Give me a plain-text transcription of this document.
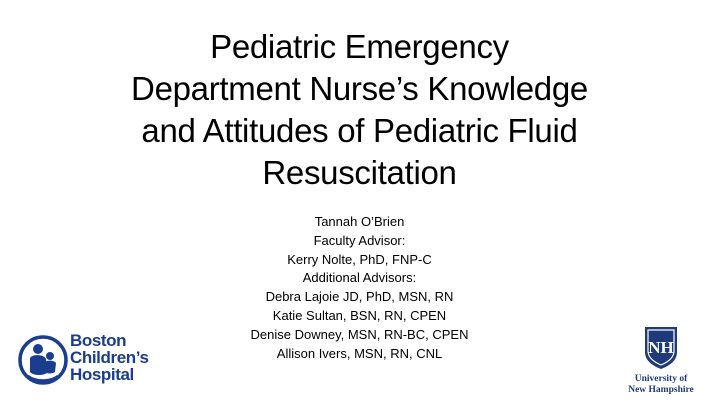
Pediatric Emergency
Department Nurse’s Knowledge
and Attitudes of Pediatric Fluid
Resuscitation
Tannah O’Brien
Faculty Advisor:
Kerry Nolte, PhD, FNP-C
Additional Advisors:
Debra Lajoie JD, PhD, MSN, RN
Katie Sultan, BSN, RN, CPEN
Denise Downey, MSN, RN-BC, CPEN
Allison Ivers, MSN, RN, CNL
Boston
Children’s
Hospital
NH
University of
New Hampshire
